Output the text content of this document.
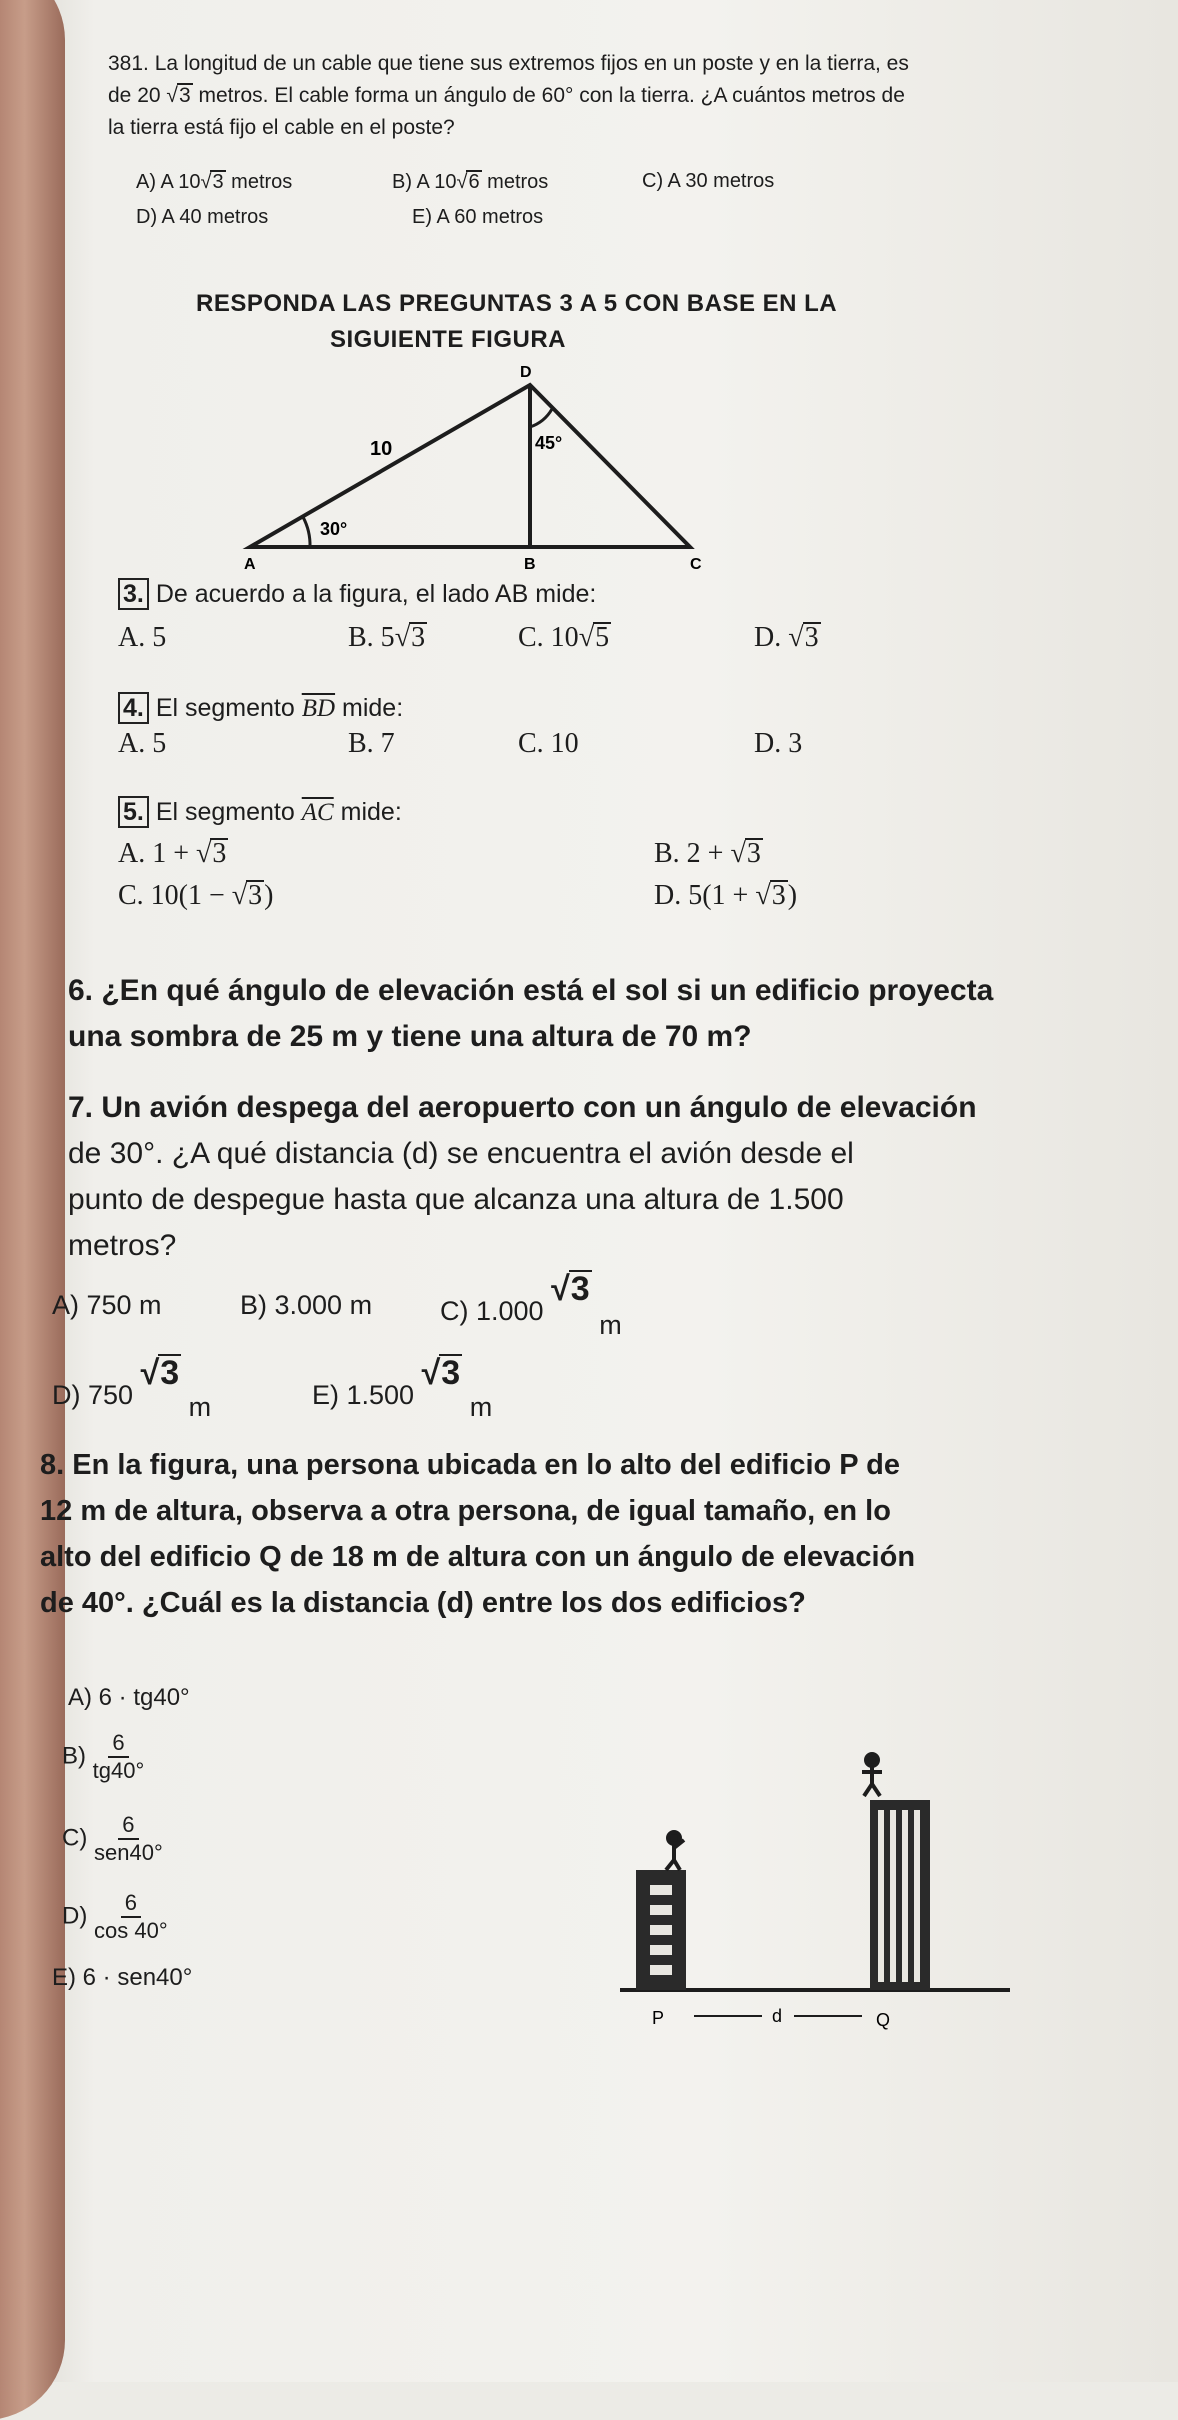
381. La longitud de un cable que tiene sus extremos fijos en un poste y en la tierra, es
de 20 √3 metros. El cable forma un ángulo de 60° con la tierra. ¿A cuántos metros de
la tierra está fijo el cable en el poste?
A) A 10√3 metros	B) A 10√6 metros	C) A 30 metros
D) A 40 metros	E) A 60 metros
RESPONDA LAS PREGUNTAS 3 A 5 CON BASE EN LA
SIGUIENTE FIGURA
D
A	B	C
10
30°
45°
3. De acuerdo a la figura, el lado AB mide:
A. 5	B. 5√3	C. 10√5	D. √3
4. El segmento $\overline{BD}$ mide:
A. 5	B. 7	C. 10	D. 3
5. El segmento $\overline{AC}$ mide:
A. 1 + √3	B. 2 + √3
C. 10(1 − √3)	D. 5(1 + √3)
6. ¿En qué ángulo de elevación está el sol si un edificio proyecta
una sombra de 25 m y tiene una altura de 70 m?
7. Un avión despega del aeropuerto con un ángulo de elevación
de 30°. ¿A qué distancia (d) se encuentra el avión desde el
punto de despegue hasta que alcanza una altura de 1.500
metros?
A) 750 m	B) 3.000 m	C) 1.000 √3 m
D) 750 √3 m	E) 1.500 √3 m
8. En la figura, una persona ubicada en lo alto del edificio P de
12 m de altura, observa a otra persona, de igual tamaño, en lo
alto del edificio Q de 18 m de altura con un ángulo de elevación
de 40°. ¿Cuál es la distancia (d) entre los dos edificios?
A) 6 · tg40°
$B) \frac{6}{tg40^\circ}$
$C) \frac{6}{\text{sen40°}}$
$D) \frac{6}{\cos 40^\circ}$
E) 6 · sen40°
P	d	Q
